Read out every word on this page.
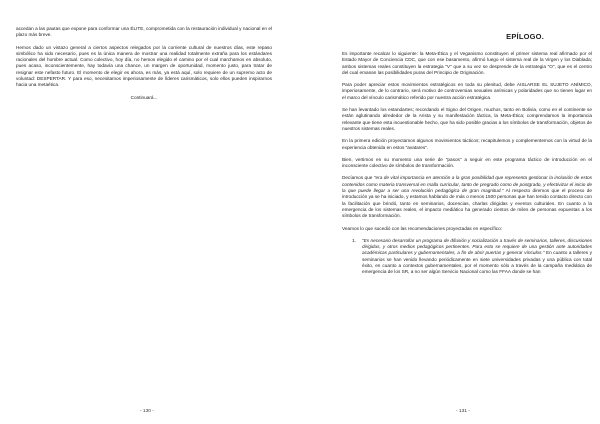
accedan a las pautas que expone para conformar una ÉLITE, comprometida con la restauración individual y nacional en el plazo más breve.

Hemos dado un vistazo general a ciertos aspectos relegados por la corriente cultural de nuestros días, este repaso simbólico ha sido necesario, pues es la única manera de mostrar una realidad totalmente extraña para los estándares racionales del hombre actual. Como colectivo, hoy día, no hemos elegido el camino por el cual marchamos en absoluto, pues acaso, inconscientemente, hay todavía una chance, un margen de oportunidad, momento justo, para tratar de resignar este nefasto futuro. El momento de elegir es ahora, es más, ya está aquí, solo requiere de un supremo acto de voluntad: DESPERTAR. Y para eso, necesitamos imperiosamente de líderes carismáticos, solo ellos pueden inspirarnos hacia una metaética.

Continuará...

- 130 -
EPÍLOGO.

Es importante recalcar lo siguiente: la Meta-Ética y el Veganismo constituyen el primer sistema real afirmado por el Estado Mayor de Conciencia CDC, que con ese basamento, afirmó luego el sistema real de la Virgen y los Diablada; ambos sistemas reales constituyen la estrategia "V" que a su vez se desprende de la estrategia "O", que es el centro del cual emanan las posibilidades puras del Principio de Originación.

Para poder apreciar estos movimientos estratégicos en toda su plenitud, debe AISLARSE EL SUJETO ANÍMICO, imperiosamente, de lo contrario, será motivo de controversias sexuales anímicas y polaridades que no tienen lugar en el marco del vínculo carismático referido por nuestra acción estratégica.

Se han levantado los estandartes; recordando el Signo del Origen, muchos, tanto en Bolivia, como en el continente se están aglutinando alrededor de la Arista y su manifestación táctica, la Meta-Ética; comprendamos la importancia relevante que tiene esta incuestionable hecho, que ha sido posible gracias a los símbolos de transformación, objetos de nuestros sistemas reales.

En la primera edición proyectamos algunos movimientos tácticos; recapitulemos y complementemos con la virtud de la experiencia obtenida en estos "avatares".

Bien, vertimos en su momento una serie de "pasos" a seguir en este programa táctico de introducción en el inconsciente colectivo de símbolos de transformación.

Decíamos que "era de vital importancia en atención a la gran posibilidad que representa gestionar la inclusión de estos contenidos como materia transversal en malla curricular, tanto de pregrado como de postgrado, y efectivizar el inicio de la que puede llegar a ser una revolución pedagógica de gran magnitud." Al respecto diremos que el proceso de introducción ya se ha iniciado, y estamos hablando de más o menos 1500 personas que han tenido contacto directo con la facilitación que brindó, tanto en seminarios, docencias, charlas dirigidas y eventos culturales. En cuanto a la emergencia de los sistemas reales, el impacto mediático ha generado cientos de miles de personas expuestas a los símbolos de transformación.

Veamos lo que sucedió con las recomendaciones proyectadas en específico:

1.	"Es necesario desarrollar un programa de difusión y socialización a través de seminarios, talleres, discusiones dirigidas, y otros medios pedagógicos pertinentes. Para esto se requiere de una gestión ante autoridades académicas particulares y gubernamentales, a fin de abrir puertas y generar vínculos." En cuanto a talleres y seminarios se han venido llevando periódicamente en siete universidades privadas y una pública con total éxito, en cuanto a contextos gubernamentales, por el momento sólo a través de la campaña mediática de emergencia de los SR, a no ser algún Servicio Nacional como las FFAA donde se han

- 131 -
